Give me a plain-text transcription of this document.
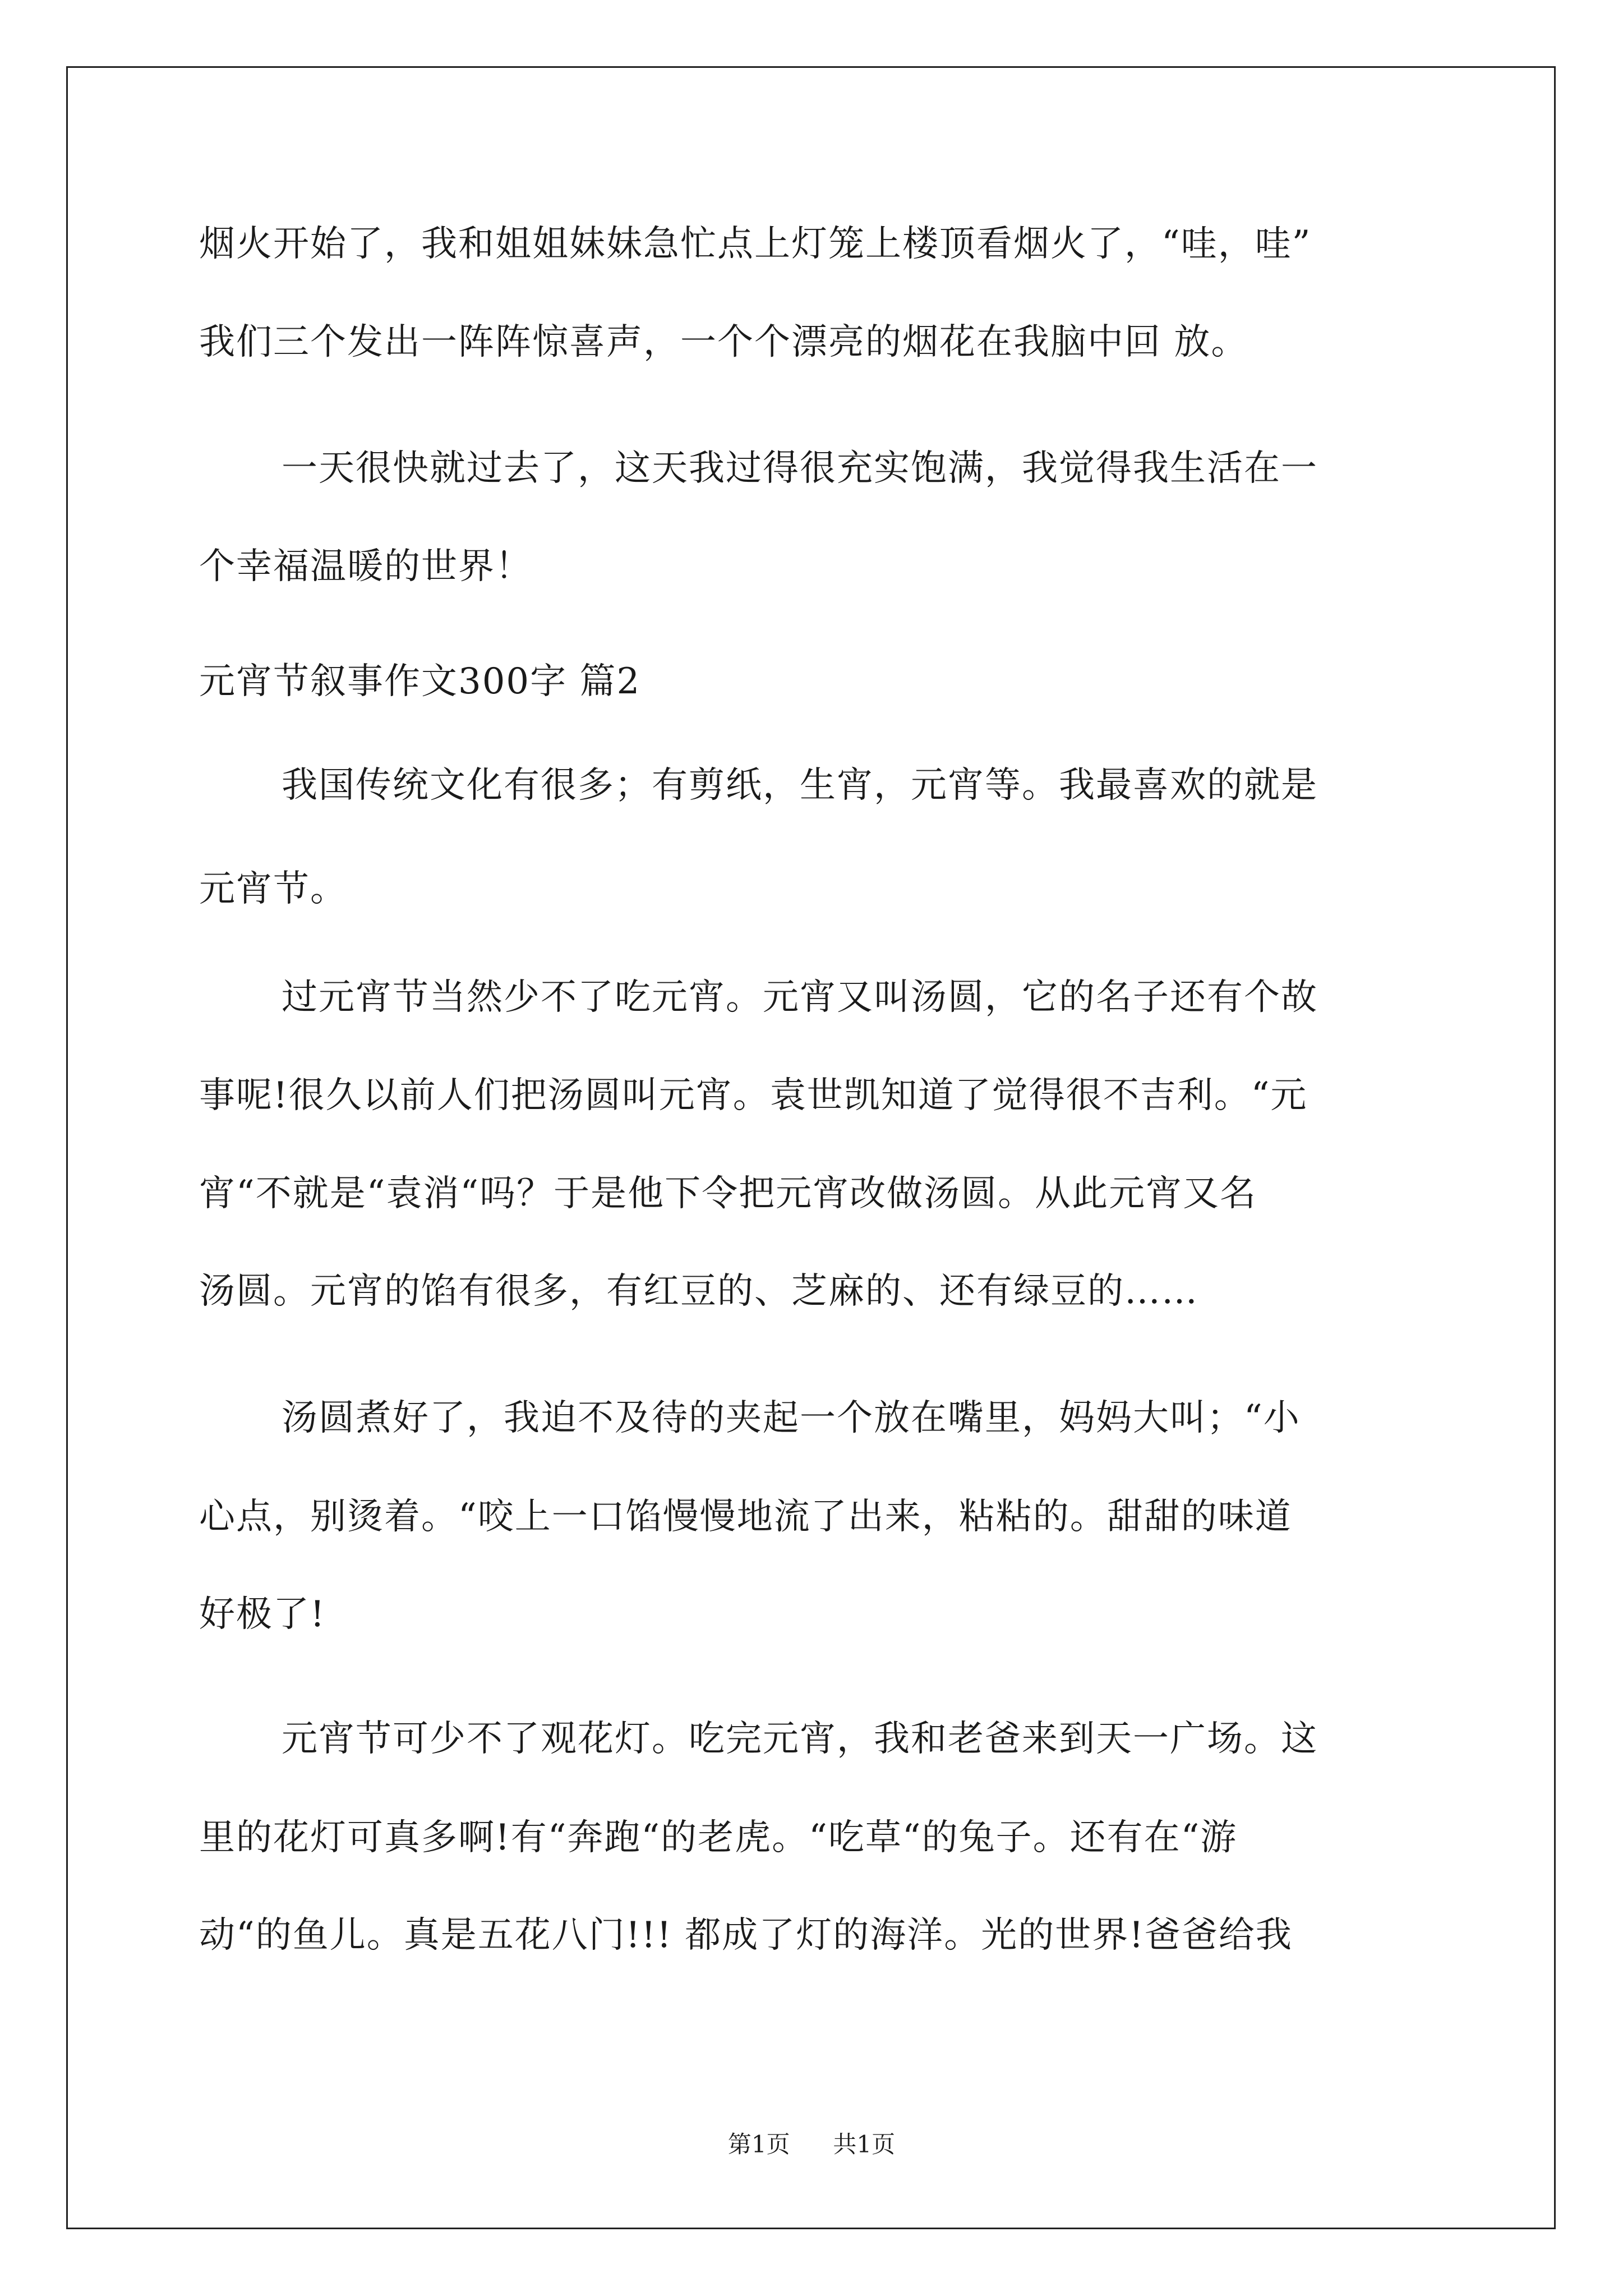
烟火开始了，我和姐姐妹妹急忙点上灯笼上楼顶看烟火了，“哇，哇”
我们三个发出一阵阵惊喜声，一个个漂亮的烟花在我脑中回 放。
一天很快就过去了，这天我过得很充实饱满，我觉得我生活在一
个幸福温暖的世界！
元宵节叙事作文300字 篇2
我国传统文化有很多；有剪纸，生宵，元宵等。我最喜欢的就是
元宵节。
过元宵节当然少不了吃元宵。元宵又叫汤圆，它的名子还有个故
事呢!很久以前人们把汤圆叫元宵。袁世凯知道了觉得很不吉利。“元
宵“不就是“袁消“吗？于是他下令把元宵改做汤圆。从此元宵又名
汤圆。元宵的馅有很多，有红豆的、芝麻的、还有绿豆的……
汤圆煮好了，我迫不及待的夹起一个放在嘴里，妈妈大叫；“小
心点，别烫着。“咬上一口馅慢慢地流了出来，粘粘的。甜甜的味道
好极了!
元宵节可少不了观花灯。吃完元宵，我和老爸来到天一广场。这
里的花灯可真多啊!有“奔跑“的老虎。“吃草“的兔子。还有在“游
动“的鱼儿。真是五花八门!!! 都成了灯的海洋。光的世界!爸爸给我
第1页 共1页
